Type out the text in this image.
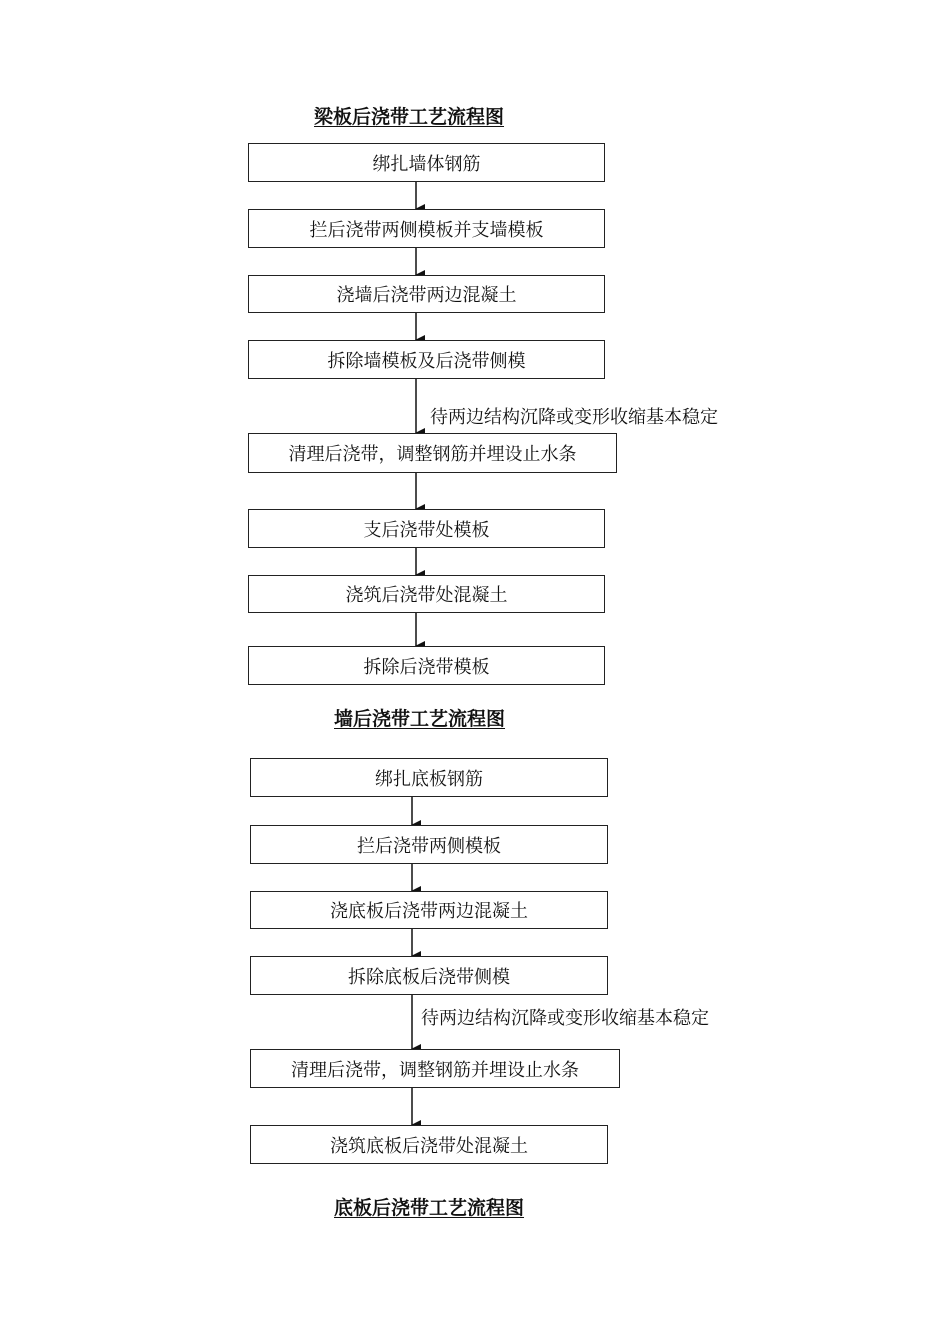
梁板后浇带工艺流程图
墙后浇带工艺流程图
底板后浇带工艺流程图
绑扎墙体钢筋
拦后浇带两侧模板并支墙模板
浇墙后浇带两边混凝土
拆除墙模板及后浇带侧模
待两边结构沉降或变形收缩基本稳定
清理后浇带，调整钢筋并埋设止水条
支后浇带处模板
浇筑后浇带处混凝土
拆除后浇带模板
绑扎底板钢筋
拦后浇带两侧模板
浇底板后浇带两边混凝土
拆除底板后浇带侧模
待两边结构沉降或变形收缩基本稳定
清理后浇带，调整钢筋并埋设止水条
浇筑底板后浇带处混凝土
